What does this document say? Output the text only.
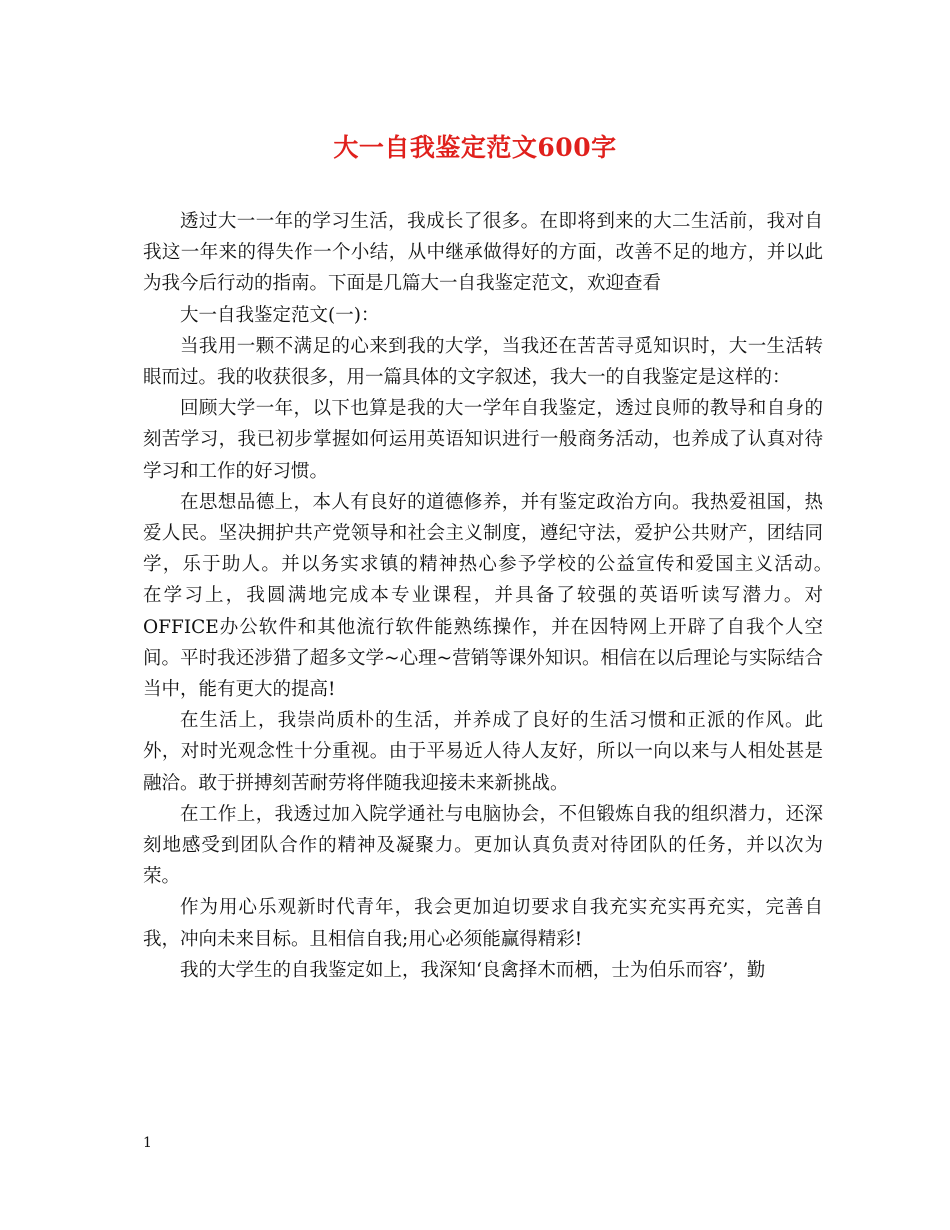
大一自我鉴定范文600字

透过大一一年的学习生活，我成长了很多。在即将到来的大二生活前，我对自我这一年来的得失作一个小结，从中继承做得好的方面，改善不足的地方，并以此为我今后行动的指南。下面是几篇大一自我鉴定范文，欢迎查看

大一自我鉴定范文(一)：

当我用一颗不满足的心来到我的大学，当我还在苦苦寻觅知识时，大一生活转眼而过。我的收获很多，用一篇具体的文字叙述，我大一的自我鉴定是这样的：

回顾大学一年，以下也算是我的大一学年自我鉴定，透过良师的教导和自身的刻苦学习，我已初步掌握如何运用英语知识进行一般商务活动，也养成了认真对待学习和工作的好习惯。

在思想品德上，本人有良好的道德修养，并有鉴定政治方向。我热爱祖国，热爱人民。坚决拥护共产党领导和社会主义制度，遵纪守法，爱护公共财产，团结同学，乐于助人。并以务实求镇的精神热心参予学校的公益宣传和爱国主义活动。　　在学习上，我圆满地完成本专业课程，并具备了较强的英语听读写潜力。对OFFICE办公软件和其他流行软件能熟练操作，并在因特网上开辟了自我个人空间。平时我还涉猎了超多文学~心理~营销等课外知识。相信在以后理论与实际结合当中，能有更大的提高!

在生活上，我崇尚质朴的生活，并养成了良好的生活习惯和正派的作风。此外，对时光观念性十分重视。由于平易近人待人友好，所以一向以来与人相处甚是融洽。敢于拼搏刻苦耐劳将伴随我迎接未来新挑战。

在工作上，我透过加入院学通社与电脑协会，不但锻炼自我的组织潜力，还深刻地感受到团队合作的精神及凝聚力。更加认真负责对待团队的任务，并以次为荣。

作为用心乐观新时代青年，我会更加迫切要求自我充实充实再充实，完善自我，冲向未来目标。且相信自我;用心必须能赢得精彩!

我的大学生的自我鉴定如上，我深知‘良禽择木而栖，士为伯乐而容’，勤

1
